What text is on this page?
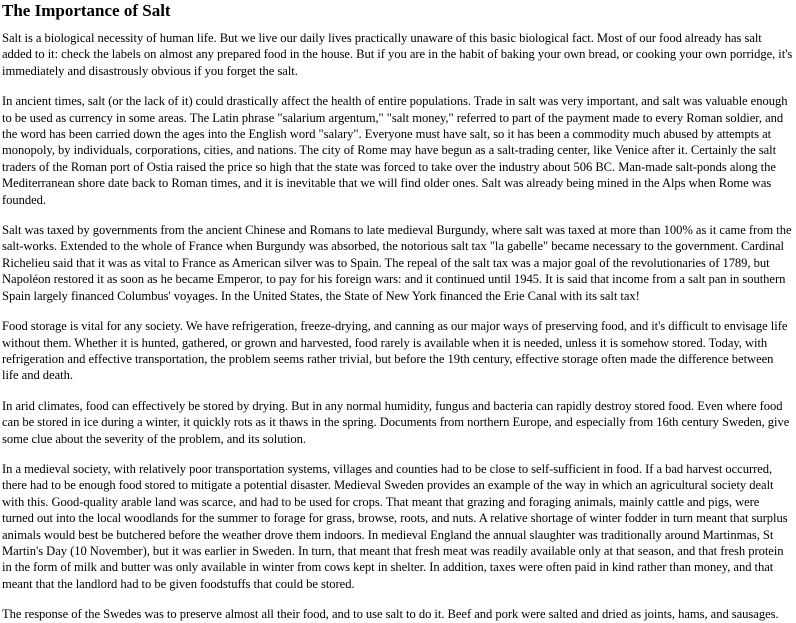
The Importance of Salt

Salt is a biological necessity of human life. But we live our daily lives practically unaware of this basic biological fact. Most of our food already has salt added to it: check the labels on almost any prepared food in the house. But if you are in the habit of baking your own bread, or cooking your own porridge, it's immediately and disastrously obvious if you forget the salt.

In ancient times, salt (or the lack of it) could drastically affect the health of entire populations. Trade in salt was very important, and salt was valuable enough to be used as currency in some areas. The Latin phrase "salarium argentum," "salt money," referred to part of the payment made to every Roman soldier, and the word has been carried down the ages into the English word "salary". Everyone must have salt, so it has been a commodity much abused by attempts at monopoly, by individuals, corporations, cities, and nations. The city of Rome may have begun as a salt-trading center, like Venice after it. Certainly the salt traders of the Roman port of Ostia raised the price so high that the state was forced to take over the industry about 506 BC. Man-made salt-ponds along the Mediterranean shore date back to Roman times, and it is inevitable that we will find older ones. Salt was already being mined in the Alps when Rome was founded.

Salt was taxed by governments from the ancient Chinese and Romans to late medieval Burgundy, where salt was taxed at more than 100% as it came from the salt-works. Extended to the whole of France when Burgundy was absorbed, the notorious salt tax "la gabelle" became necessary to the government. Cardinal Richelieu said that it was as vital to France as American silver was to Spain. The repeal of the salt tax was a major goal of the revolutionaries of 1789, but Napoléon restored it as soon as he became Emperor, to pay for his foreign wars: and it continued until 1945. It is said that income from a salt pan in southern Spain largely financed Columbus' voyages. In the United States, the State of New York financed the Erie Canal with its salt tax!

Food storage is vital for any society. We have refrigeration, freeze-drying, and canning as our major ways of preserving food, and it's difficult to envisage life without them. Whether it is hunted, gathered, or grown and harvested, food rarely is available when it is needed, unless it is somehow stored. Today, with refrigeration and effective transportation, the problem seems rather trivial, but before the 19th century, effective storage often made the difference between life and death.

In arid climates, food can effectively be stored by drying. But in any normal humidity, fungus and bacteria can rapidly destroy stored food. Even where food can be stored in ice during a winter, it quickly rots as it thaws in the spring. Documents from northern Europe, and especially from 16th century Sweden, give some clue about the severity of the problem, and its solution.

In a medieval society, with relatively poor transportation systems, villages and counties had to be close to self-sufficient in food. If a bad harvest occurred, there had to be enough food stored to mitigate a potential disaster. Medieval Sweden provides an example of the way in which an agricultural society dealt with this. Good-quality arable land was scarce, and had to be used for crops. That meant that grazing and foraging animals, mainly cattle and pigs, were turned out into the local woodlands for the summer to forage for grass, browse, roots, and nuts. A relative shortage of winter fodder in turn meant that surplus animals would best be butchered before the weather drove them indoors. In medieval England the annual slaughter was traditionally around Martinmas, St Martin's Day (10 November), but it was earlier in Sweden. In turn, that meant that fresh meat was readily available only at that season, and that fresh protein in the form of milk and butter was only available in winter from cows kept in shelter. In addition, taxes were often paid in kind rather than money, and that meant that the landlord had to be given foodstuffs that could be stored.

The response of the Swedes was to preserve almost all their food, and to use salt to do it. Beef and pork were salted and dried as joints, hams, and sausages.
